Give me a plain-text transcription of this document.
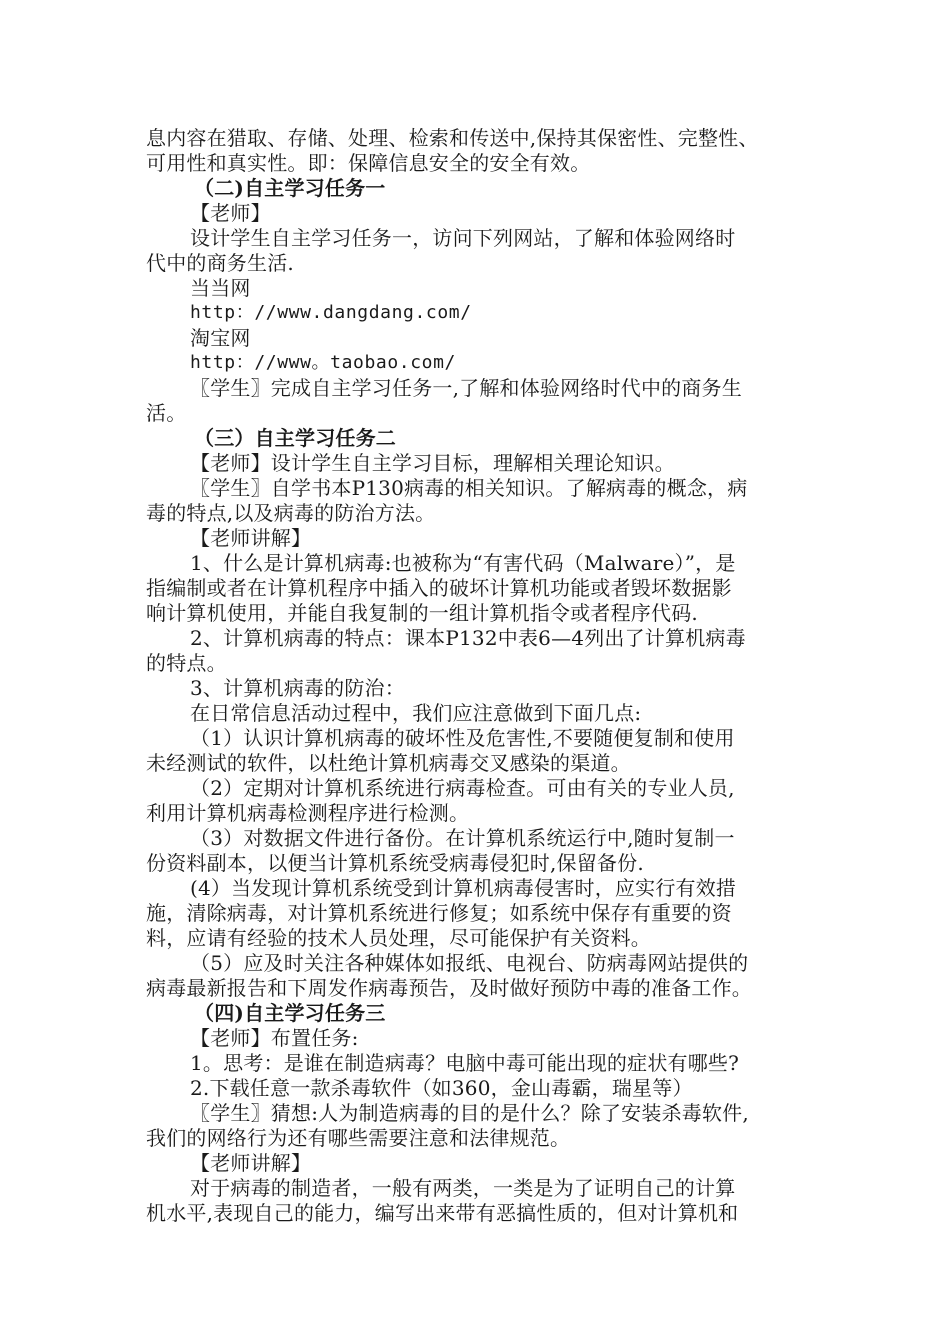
息内容在猎取、存储、处理、检索和传送中,保持其保密性、完整性、
可用性和真实性。即：保障信息安全的安全有效。
（二)自主学习任务一
【老师】
设计学生自主学习任务一，访问下列网站，了解和体验网络时
代中的商务生活.
当当网
http：//www.dangdang.com/
淘宝网
http：//www。taobao.com/
〖学生〗完成自主学习任务一,了解和体验网络时代中的商务生
活。
（三）自主学习任务二
【老师】设计学生自主学习目标，理解相关理论知识。
〖学生〗自学书本P130病毒的相关知识。了解病毒的概念，病
毒的特点,以及病毒的防治方法。
【老师讲解】
1、什么是计算机病毒:也被称为“有害代码（Malware）”，是
指编制或者在计算机程序中插入的破坏计算机功能或者毁坏数据影
响计算机使用，并能自我复制的一组计算机指令或者程序代码.
2、计算机病毒的特点：课本P132中表6—4列出了计算机病毒
的特点。
3、计算机病毒的防治：
在日常信息活动过程中，我们应注意做到下面几点:
（1）认识计算机病毒的破坏性及危害性,不要随便复制和使用
未经测试的软件，以杜绝计算机病毒交叉感染的渠道。
（2）定期对计算机系统进行病毒检查。可由有关的专业人员,
利用计算机病毒检测程序进行检测。
（3）对数据文件进行备份。在计算机系统运行中,随时复制一
份资料副本，以便当计算机系统受病毒侵犯时,保留备份.
(4）当发现计算机系统受到计算机病毒侵害时，应实行有效措
施，清除病毒，对计算机系统进行修复；如系统中保存有重要的资
料，应请有经验的技术人员处理，尽可能保护有关资料。
（5）应及时关注各种媒体如报纸、电视台、防病毒网站提供的
病毒最新报告和下周发作病毒预告，及时做好预防中毒的准备工作。
（四)自主学习任务三
【老师】布置任务:
1。思考：是谁在制造病毒？电脑中毒可能出现的症状有哪些?
2.下载任意一款杀毒软件（如360，金山毒霸，瑞星等）
〖学生〗猜想:人为制造病毒的目的是什么？除了安装杀毒软件,
我们的网络行为还有哪些需要注意和法律规范。
【老师讲解】
对于病毒的制造者，一般有两类，一类是为了证明自己的计算
机水平,表现自己的能力，编写出来带有恶搞性质的，但对计算机和
